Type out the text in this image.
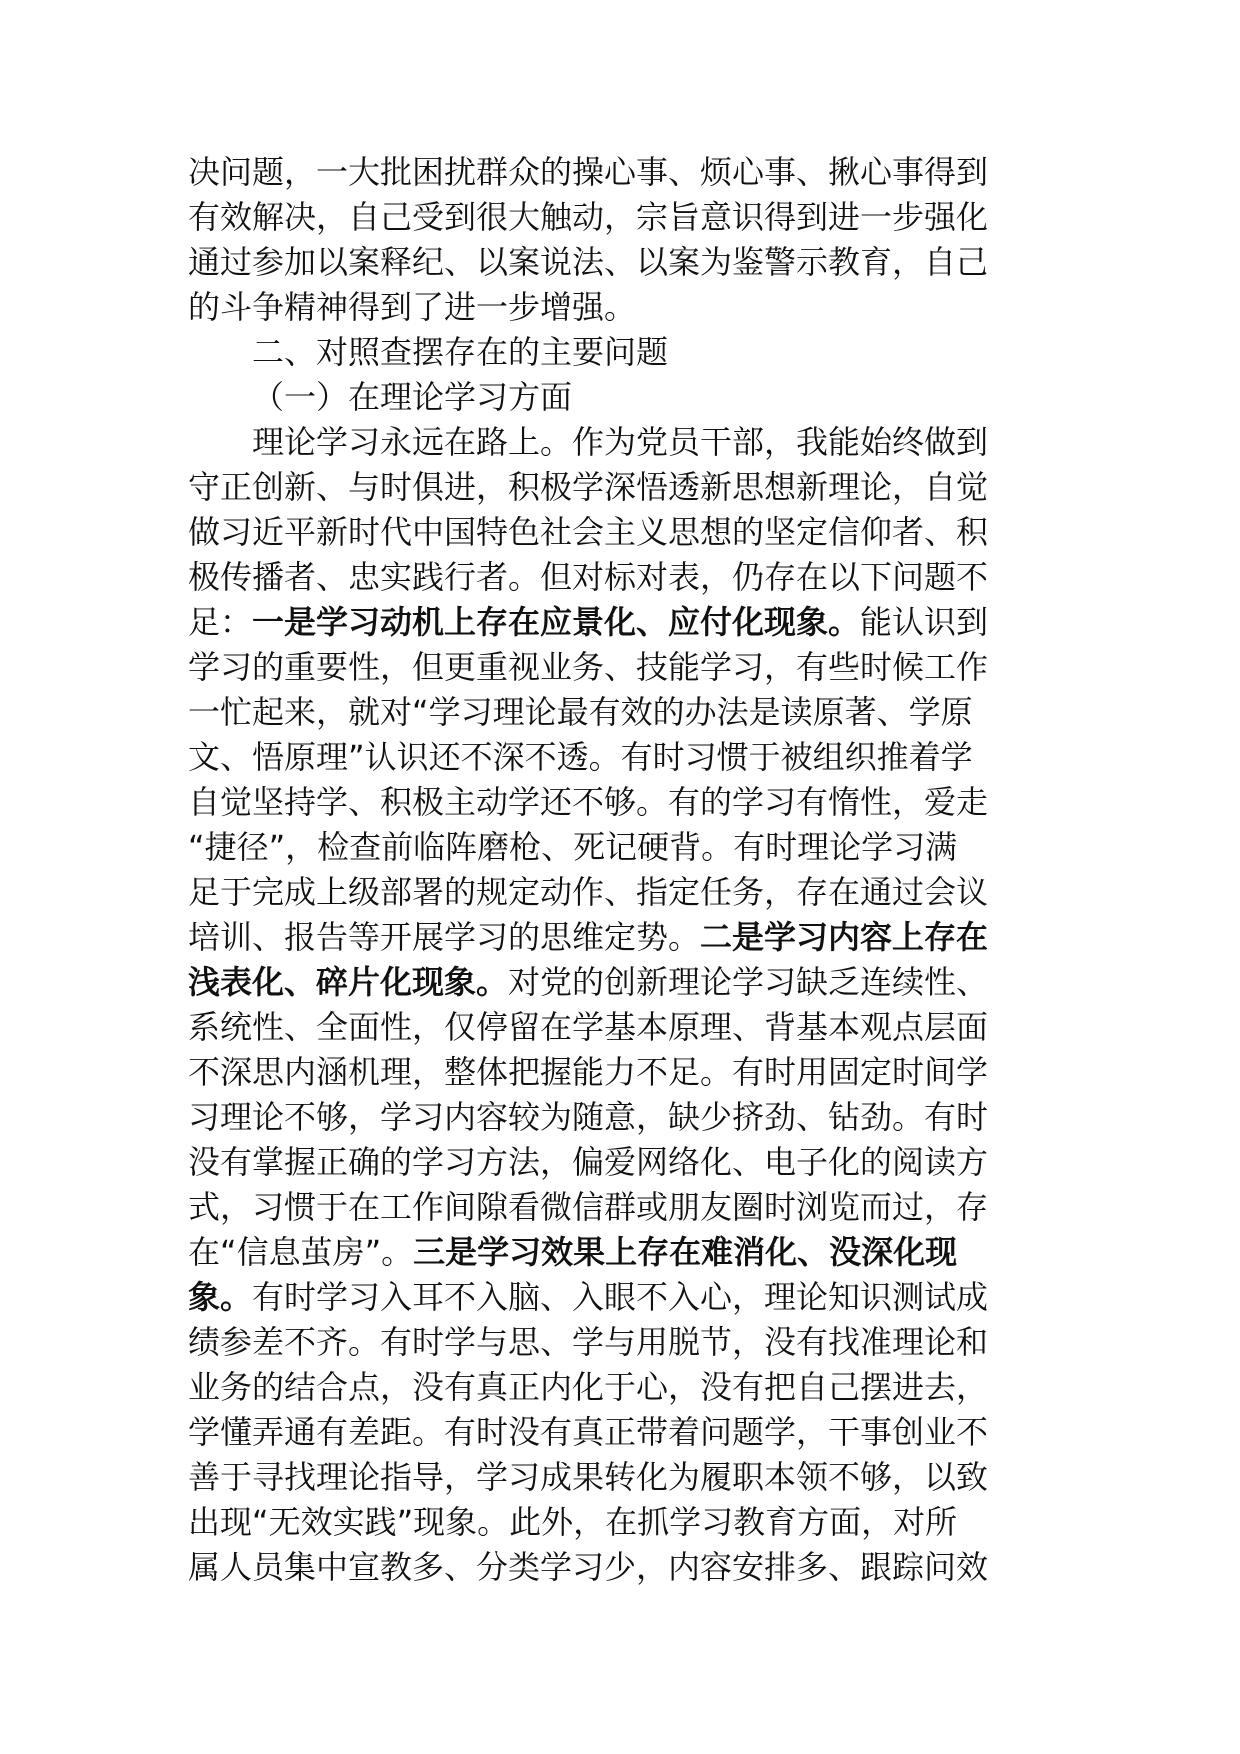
决问题，一大批困扰群众的操心事、烦心事、揪心事得到
有效解决，自己受到很大触动，宗旨意识得到进一步强化
通过参加以案释纪、以案说法、以案为鉴警示教育，自己
的斗争精神得到了进一步增强。
二、对照查摆存在的主要问题
（一）在理论学习方面
理论学习永远在路上。作为党员干部，我能始终做到
守正创新、与时俱进，积极学深悟透新思想新理论，自觉
做习近平新时代中国特色社会主义思想的坚定信仰者、积
极传播者、忠实践行者。但对标对表，仍存在以下问题不
足：一是学习动机上存在应景化、应付化现象。能认识到
学习的重要性，但更重视业务、技能学习，有些时候工作
一忙起来，就对“学习理论最有效的办法是读原著、学原
文、悟原理”认识还不深不透。有时习惯于被组织推着学
自觉坚持学、积极主动学还不够。有的学习有惰性，爱走
“捷径”，检查前临阵磨枪、死记硬背。有时理论学习满
足于完成上级部署的规定动作、指定任务，存在通过会议
培训、报告等开展学习的思维定势。二是学习内容上存在
浅表化、碎片化现象。对党的创新理论学习缺乏连续性、
系统性、全面性，仅停留在学基本原理、背基本观点层面
不深思内涵机理，整体把握能力不足。有时用固定时间学
习理论不够，学习内容较为随意，缺少挤劲、钻劲。有时
没有掌握正确的学习方法，偏爱网络化、电子化的阅读方
式，习惯于在工作间隙看微信群或朋友圈时浏览而过，存
在“信息茧房”。三是学习效果上存在难消化、没深化现
象。有时学习入耳不入脑、入眼不入心，理论知识测试成
绩参差不齐。有时学与思、学与用脱节，没有找准理论和
业务的结合点，没有真正内化于心，没有把自己摆进去，
学懂弄通有差距。有时没有真正带着问题学，干事创业不
善于寻找理论指导，学习成果转化为履职本领不够，以致
出现“无效实践”现象。此外，在抓学习教育方面，对所
属人员集中宣教多、分类学习少，内容安排多、跟踪问效
